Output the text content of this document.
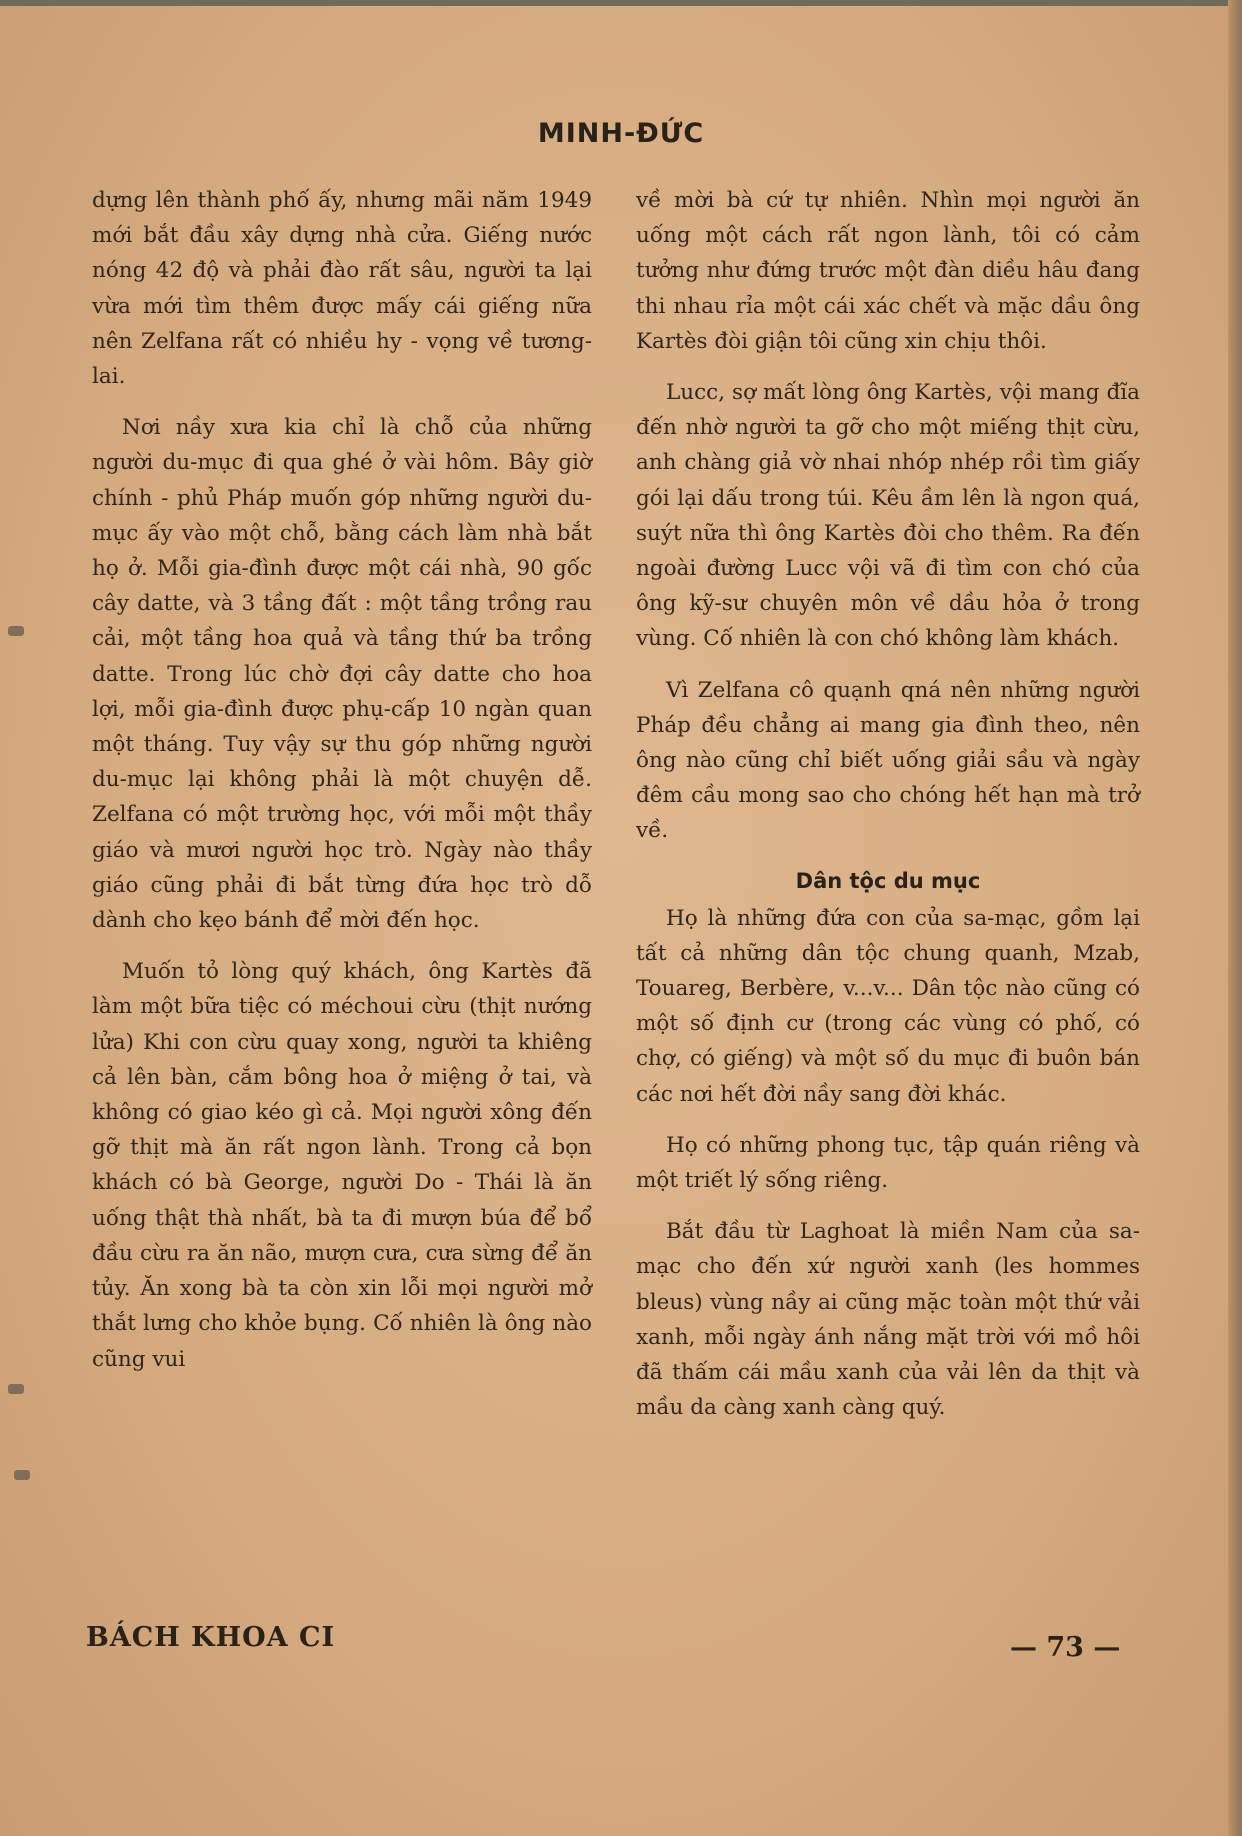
MINH-ĐỨC

dựng lên thành phố ấy, nhưng mãi năm 1949 mới bắt đầu xây dựng nhà cửa. Giếng nước nóng 42 độ và phải đào rất sâu, người ta lại vừa mới tìm thêm được mấy cái giếng nữa nên Zelfana rất có nhiều hy - vọng về tương-lai.

Nơi nầy xưa kia chỉ là chỗ của những người du-mục đi qua ghé ở vài hôm. Bây giờ chính - phủ Pháp muốn góp những người du-mục ấy vào một chỗ, bằng cách làm nhà bắt họ ở. Mỗi gia-đình được một cái nhà, 90 gốc cây datte, và 3 tầng đất : một tầng trồng rau cải, một tầng hoa quả và tầng thứ ba trồng datte. Trong lúc chờ đợi cây datte cho hoa lợi, mỗi gia-đình được phụ-cấp 10 ngàn quan một tháng. Tuy vậy sự thu góp những người du-mục lại không phải là một chuyện dễ. Zelfana có một trường học, với mỗi một thầy giáo và mươi người học trò. Ngày nào thầy giáo cũng phải đi bắt từng đứa học trò dỗ dành cho kẹo bánh để mời đến học.

Muốn tỏ lòng quý khách, ông Kartès đã làm một bữa tiệc có méchoui cừu (thịt nướng lửa) Khi con cừu quay xong, người ta khiêng cả lên bàn, cắm bông hoa ở miệng ở tai, và không có giao kéo gì cả. Mọi người xông đến gỡ thịt mà ăn rất ngon lành. Trong cả bọn khách có bà George, người Do - Thái là ăn uống thật thà nhất, bà ta đi mượn búa để bổ đầu cừu ra ăn não, mượn cưa, cưa sừng để ăn tủy. Ăn xong bà ta còn xin lỗi mọi người mở thắt lưng cho khỏe bụng. Cố nhiên là ông nào cũng vui

về mời bà cứ tự nhiên. Nhìn mọi người ăn uống một cách rất ngon lành, tôi có cảm tưởng như đứng trước một đàn diều hâu đang thi nhau rỉa một cái xác chết và mặc dầu ông Kartès đòi giận tôi cũng xin chịu thôi.

Lucc, sợ mất lòng ông Kartès, vội mang đĩa đến nhờ người ta gỡ cho một miếng thịt cừu, anh chàng giả vờ nhai nhóp nhép rồi tìm giấy gói lại dấu trong túi. Kêu ầm lên là ngon quá, suýt nữa thì ông Kartès đòi cho thêm. Ra đến ngoài đường Lucc vội vã đi tìm con chó của ông kỹ-sư chuyên môn về dầu hỏa ở trong vùng. Cố nhiên là con chó không làm khách.

Vì Zelfana cô quạnh qná nên những người Pháp đều chẳng ai mang gia đình theo, nên ông nào cũng chỉ biết uống giải sầu và ngày đêm cầu mong sao cho chóng hết hạn mà trở về.

Dân tộc du mục

Họ là những đứa con của sa-mạc, gồm lại tất cả những dân tộc chung quanh, Mzab, Touareg, Berbère, v...v... Dân tộc nào cũng có một số định cư (trong các vùng có phố, có chợ, có giếng) và một số du mục đi buôn bán các nơi hết đời nầy sang đời khác.

Họ có những phong tục, tập quán riêng và một triết lý sống riêng.

Bắt đầu từ Laghoat là miền Nam của sa-mạc cho đến xứ người xanh (les hommes bleus) vùng nầy ai cũng mặc toàn một thứ vải xanh, mỗi ngày ánh nắng mặt trời với mồ hôi đã thấm cái mầu xanh của vải lên da thịt và mầu da càng xanh càng quý.

BÁCH KHOA CI	— 73 —
